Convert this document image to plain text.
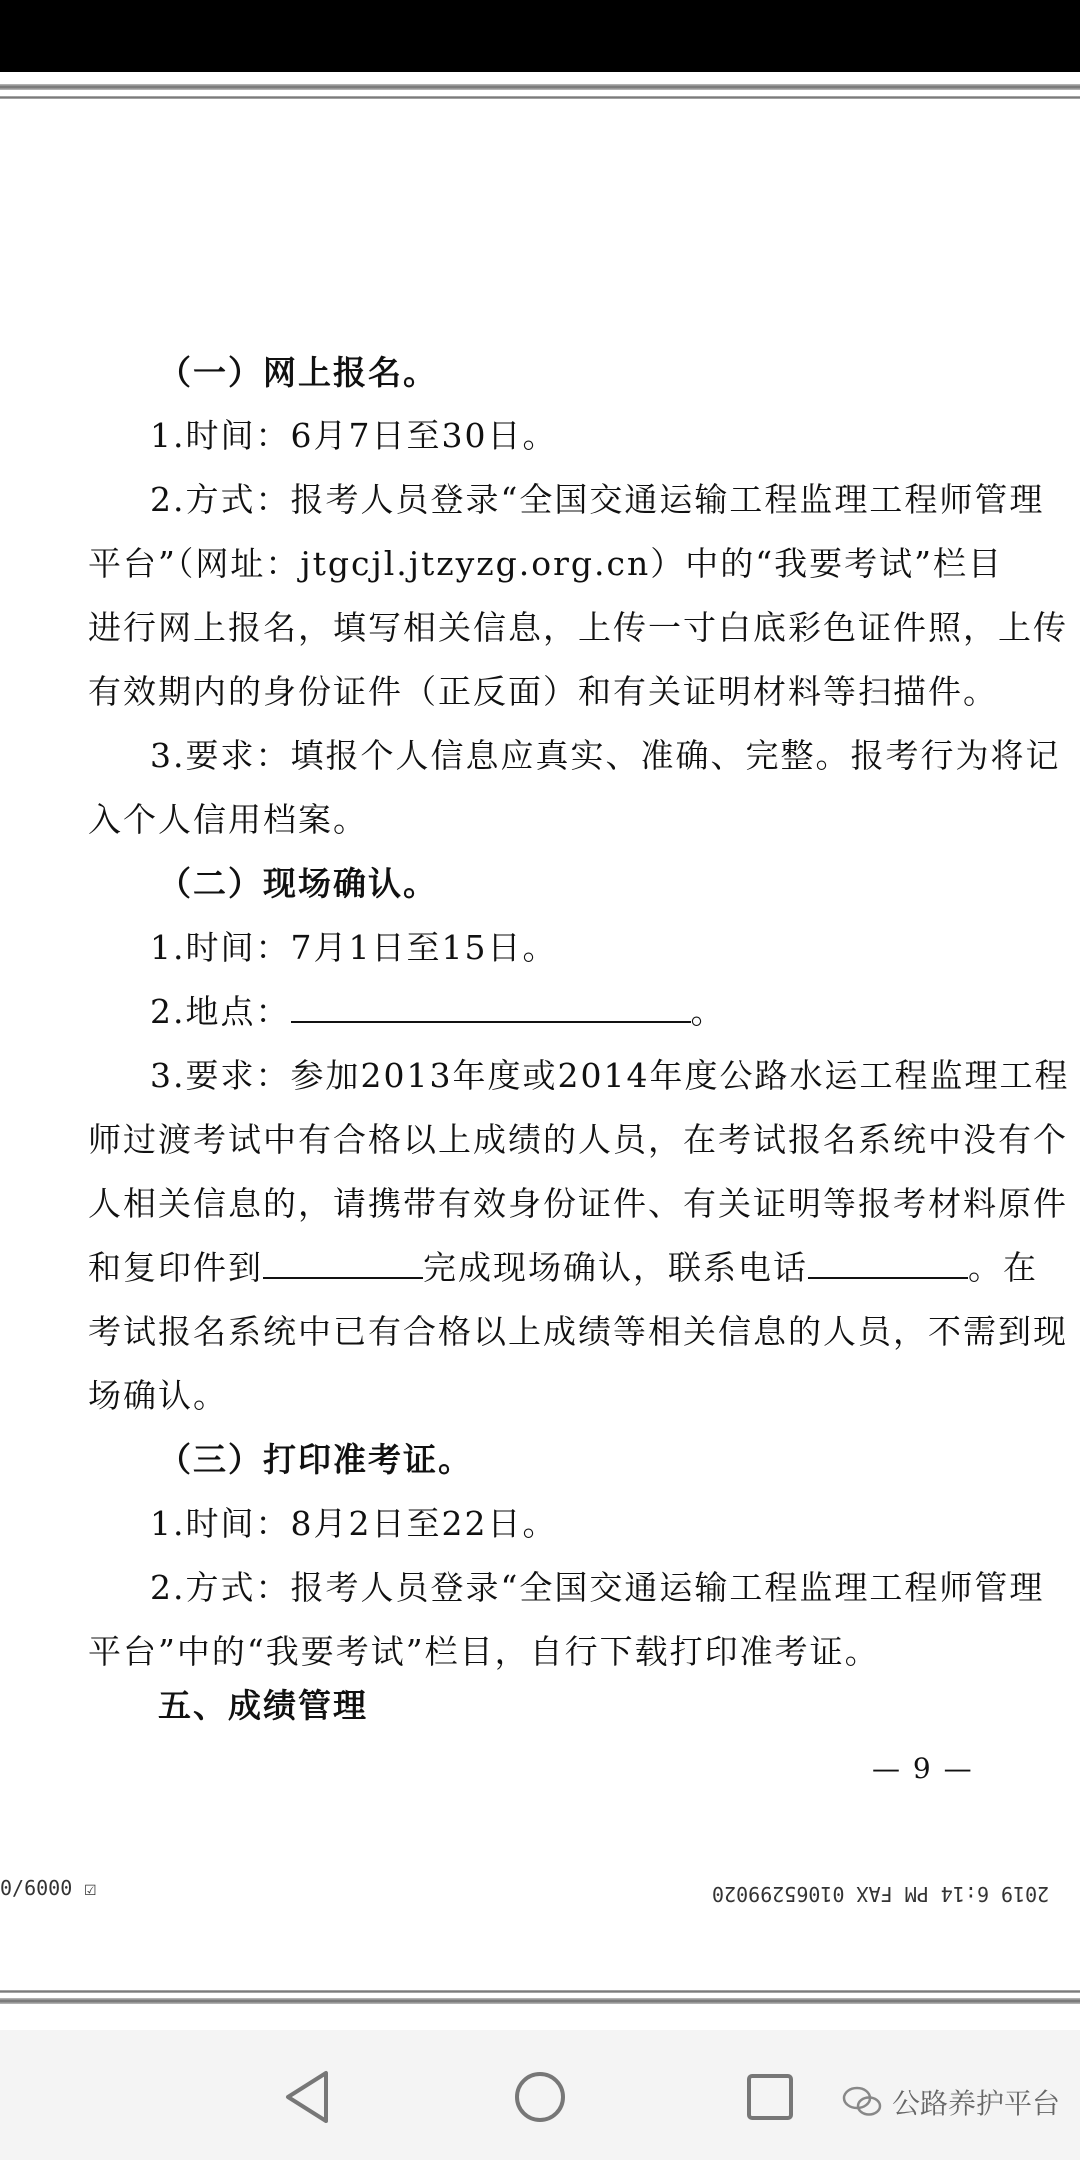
（一）网上报名。
1.时间：6月7日至30日。
2.方式：报考人员登录“全国交通运输工程监理工程师管理
平台”（网址：jtgcjl.jtzyzg.org.cn）中的“我要考试”栏目
进行网上报名，填写相关信息，上传一寸白底彩色证件照，上传
有效期内的身份证件（正反面）和有关证明材料等扫描件。
3.要求：填报个人信息应真实、准确、完整。报考行为将记
入个人信用档案。
（二）现场确认。
1.时间：7月1日至15日。
2.地点：	。
3.要求：参加2013年度或2014年度公路水运工程监理工程
师过渡考试中有合格以上成绩的人员，在考试报名系统中没有个
人相关信息的，请携带有效身份证件、有关证明等报考材料原件
和复印件到	完成现场确认，联系电话	。在
考试报名系统中已有合格以上成绩等相关信息的人员，不需到现
场确认。
（三）打印准考证。
1.时间：8月2日至22日。
2.方式：报考人员登录“全国交通运输工程监理工程师管理
平台”中的“我要考试”栏目，自行下载打印准考证。
五、成绩管理
— 9 —
0/6000 ☑	2019 6:14 PM FAX 01065299020
公路养护平台
